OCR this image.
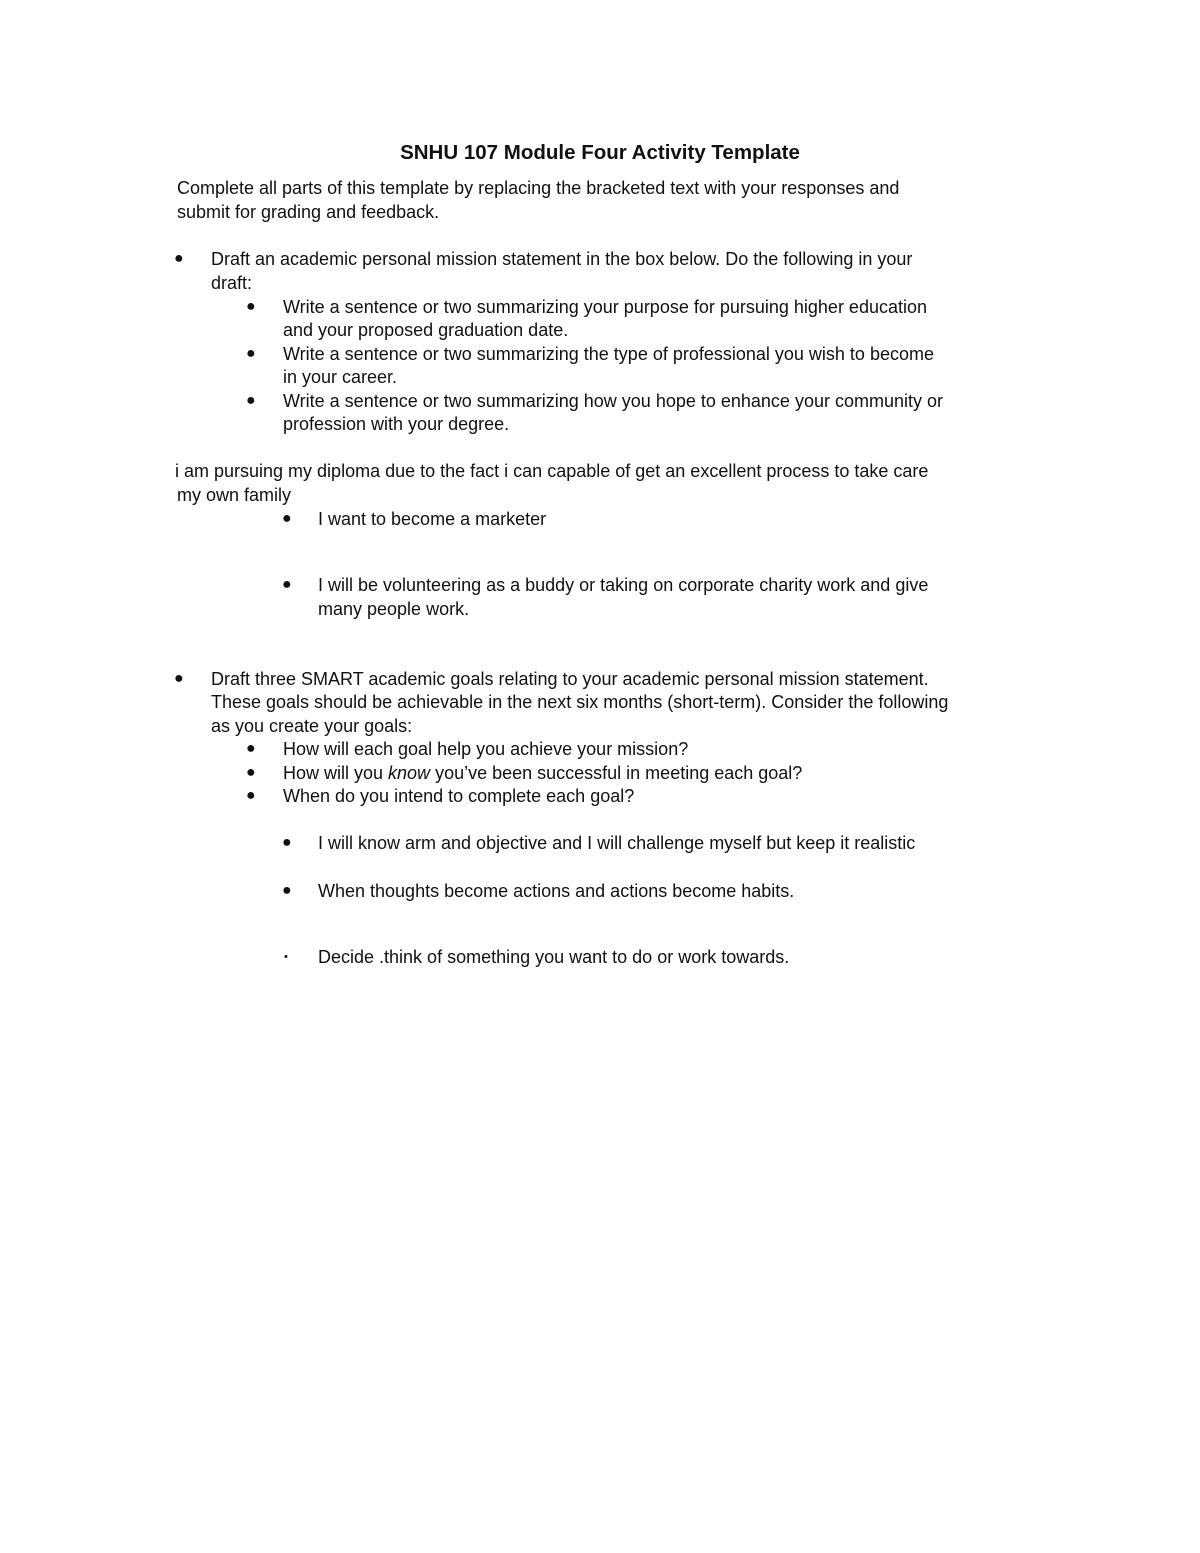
SNHU 107 Module Four Activity Template
Complete all parts of this template by replacing the bracketed text with your responses and
submit for grading and feedback.
● Draft an academic personal mission statement in the box below. Do the following in your
draft:
● Write a sentence or two summarizing your purpose for pursuing higher education
and your proposed graduation date.
● Write a sentence or two summarizing the type of professional you wish to become
in your career.
● Write a sentence or two summarizing how you hope to enhance your community or
profession with your degree.
i am pursuing my diploma due to the fact i can capable of get an excellent process to take care
my own family
● I want to become a marketer
● I will be volunteering as a buddy or taking on corporate charity work and give
many people work.
● Draft three SMART academic goals relating to your academic personal mission statement.
These goals should be achievable in the next six months (short-term). Consider the following
as you create your goals:
● How will each goal help you achieve your mission?
● How will you know you’ve been successful in meeting each goal?
● When do you intend to complete each goal?
● I will know arm and objective and I will challenge myself but keep it realistic
● When thoughts become actions and actions become habits.
• Decide .think of something you want to do or work towards.
